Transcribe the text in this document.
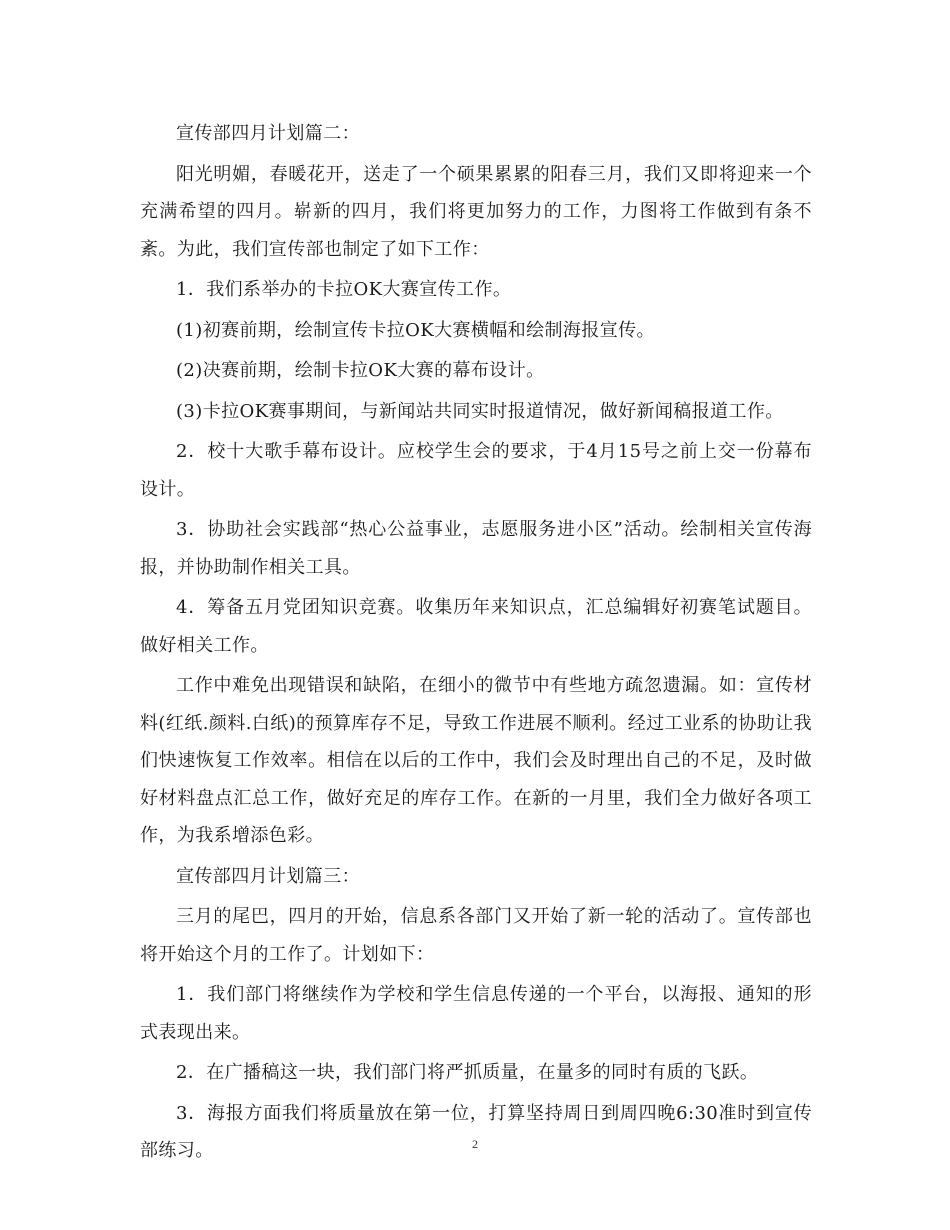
宣传部四月计划篇二：

阳光明媚，春暖花开，送走了一个硕果累累的阳春三月，我们又即将迎来一个充满希望的四月。崭新的四月，我们将更加努力的工作，力图将工作做到有条不紊。为此，我们宣传部也制定了如下工作：

1．我们系举办的卡拉OK大赛宣传工作。

(1)初赛前期，绘制宣传卡拉OK大赛横幅和绘制海报宣传。

(2)决赛前期，绘制卡拉OK大赛的幕布设计。

(3)卡拉OK赛事期间，与新闻站共同实时报道情况，做好新闻稿报道工作。

2．校十大歌手幕布设计。应校学生会的要求，于4月15号之前上交一份幕布设计。

3．协助社会实践部“热心公益事业，志愿服务进小区”活动。绘制相关宣传海报，并协助制作相关工具。

4．筹备五月党团知识竞赛。收集历年来知识点，汇总编辑好初赛笔试题目。做好相关工作。

工作中难免出现错误和缺陷，在细小的微节中有些地方疏忽遗漏。如：宣传材料(红纸.颜料.白纸)的预算库存不足，导致工作进展不顺利。经过工业系的协助让我们快速恢复工作效率。相信在以后的工作中，我们会及时理出自己的不足，及时做好材料盘点汇总工作，做好充足的库存工作。在新的一月里，我们全力做好各项工作，为我系增添色彩。

宣传部四月计划篇三：

三月的尾巴，四月的开始，信息系各部门又开始了新一轮的活动了。宣传部也将开始这个月的工作了。计划如下：

1．我们部门将继续作为学校和学生信息传递的一个平台，以海报、通知的形式表现出来。

2．在广播稿这一块，我们部门将严抓质量，在量多的同时有质的飞跃。

3．海报方面我们将质量放在第一位，打算坚持周日到周四晚6:30准时到宣传部练习。	2
